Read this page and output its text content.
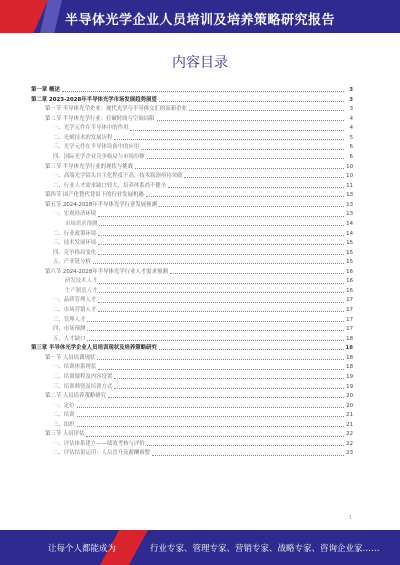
半导体光学企业人员培训及培养策略研究报告
内容目录
第一章 概述	3
第二章 2023-2028年半导体光学市场发展趋势展望	3
第一节 半导体光学企业：现代光学与半导体交汇的高新企业	3
第二节 半导体光学行业：打破时间与空间局限	4
一、光学元件在半导体中的作用	4
二、光刻技术的发展历程	5
三、光学元件在半导体设备中的应用	6
四、国际光学企业竞争格局与市场份额	6
第三节 半导体光学行业的现状与挑战	10
一、高端光学镜头自主化程度不高，技术瓶颈亟待突破	10
二、行业人才需求缺口较大，培养体系尚不健全	11
第四节 国产化替代背景下的行业发展机遇	13
第五节 2024-2028年半导体光学行业发展预测	13
一、宏观经济环境	13
市场需求预测	14
二、行业政策环境	14
三、技术发展环境	15
四、竞争格局变化	15
五、产业链分析	15
第六节 2024-2028年半导体光学行业人才需求预测	16
研发技术人才	16
生产制造人才	16
一、品质管理人才	17
二、市场营销人才	17
三、管理人才	17
四、市场预测	17
五、人才缺口	18
第三章 半导体光学企业人员培训现状及培养策略研究	18
第一节 人员培训现状	18
一、培训体系现状	18
二、培训课程及内容设置	19
三、培训师资及培训方式	19
第二节 人员培养策略研究	20
一、定位	20
二、培训	21
三、组织	21
第三节 人员评估	22
一、评估体系建立——绩效考核与评价	22
二、评估结果运用：人员晋升及薪酬调整	23
1
让每个人都能成为	行业专家、管理专家、营销专家、战略专家、咨询企业家……
